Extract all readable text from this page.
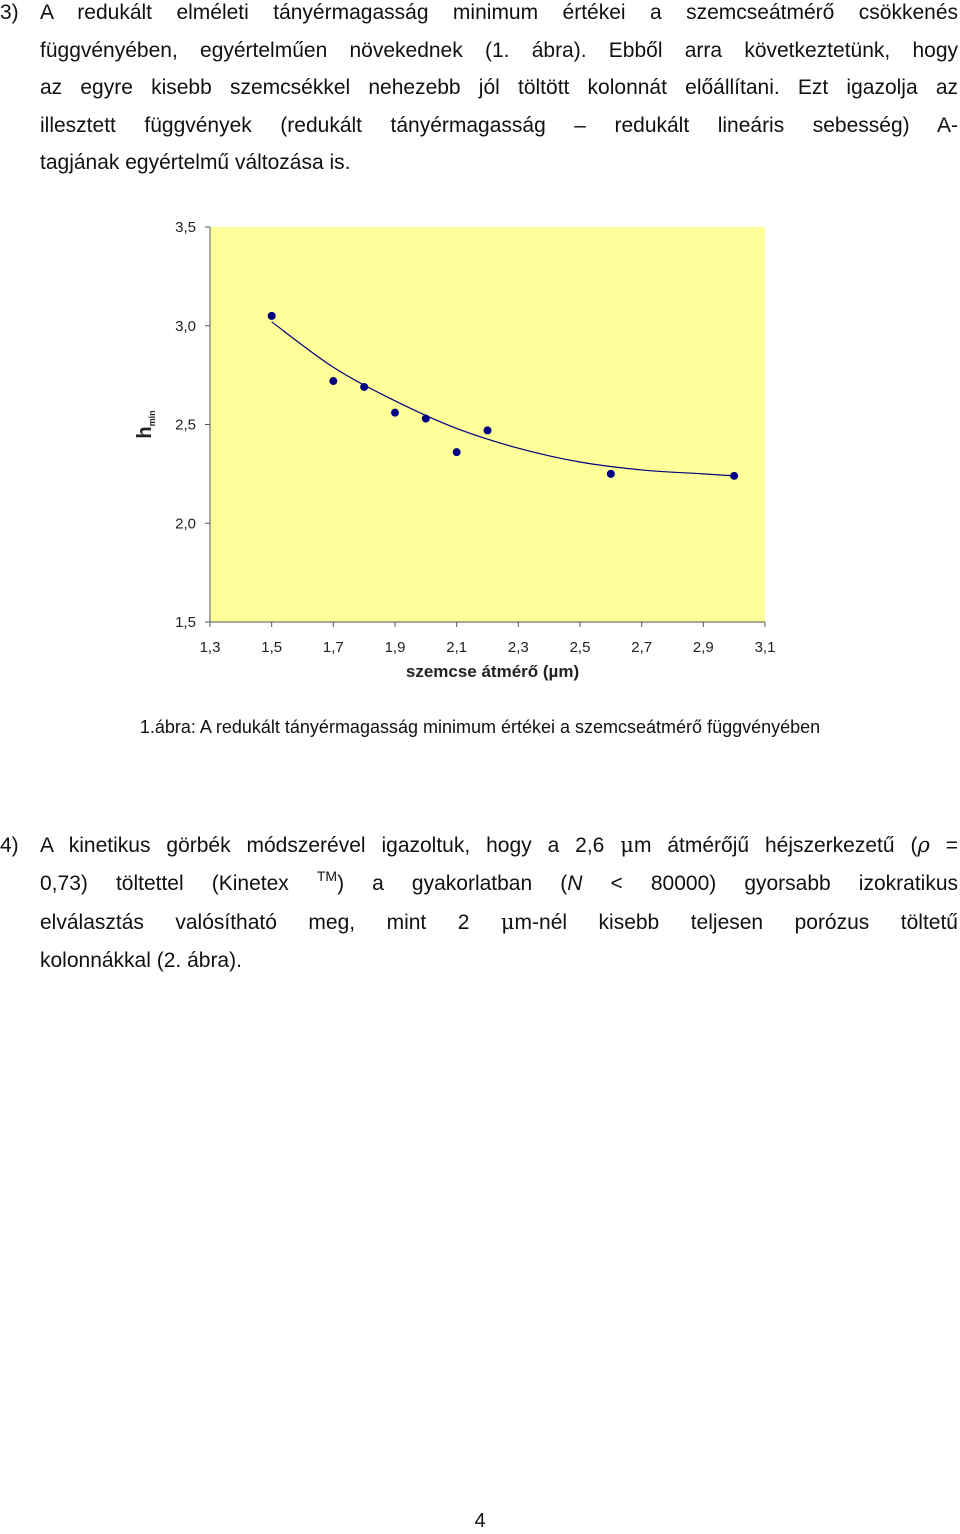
3) A redukált elméleti tányérmagasság minimum értékei a szemcseátmérő csökkenés
függvényében, egyértelműen növekednek (1. ábra). Ebből arra következtetünk, hogy
az egyre kisebb szemcsékkel nehezebb jól töltött kolonnát előállítani. Ezt igazolja az
illesztett függvények (redukált tányérmagasság – redukált lineáris sebesség) A-
tagjának egyértelmű változása is.
1,5
2,0
2,5
3,0
3,5
1,3	1,5	1,7	1,9	2,1	2,3	2,5	2,7	2,9	3,1
szemcse átmérő (µm)
$h_{min}$
1.ábra: A redukált tányérmagasság minimum értékei a szemcseátmérő függvényében
4) A kinetikus görbék módszerével igazoltuk, hogy a 2,6 μm átmérőjű héjszerkezetű (ρ =
0,73) töltettel (Kinetex ™) a gyakorlatban (N < 80000) gyorsabb izokratikus
elválasztás valósítható meg, mint 2 μm-nél kisebb teljesen porózus töltetű
kolonnákkal (2. ábra).
4
